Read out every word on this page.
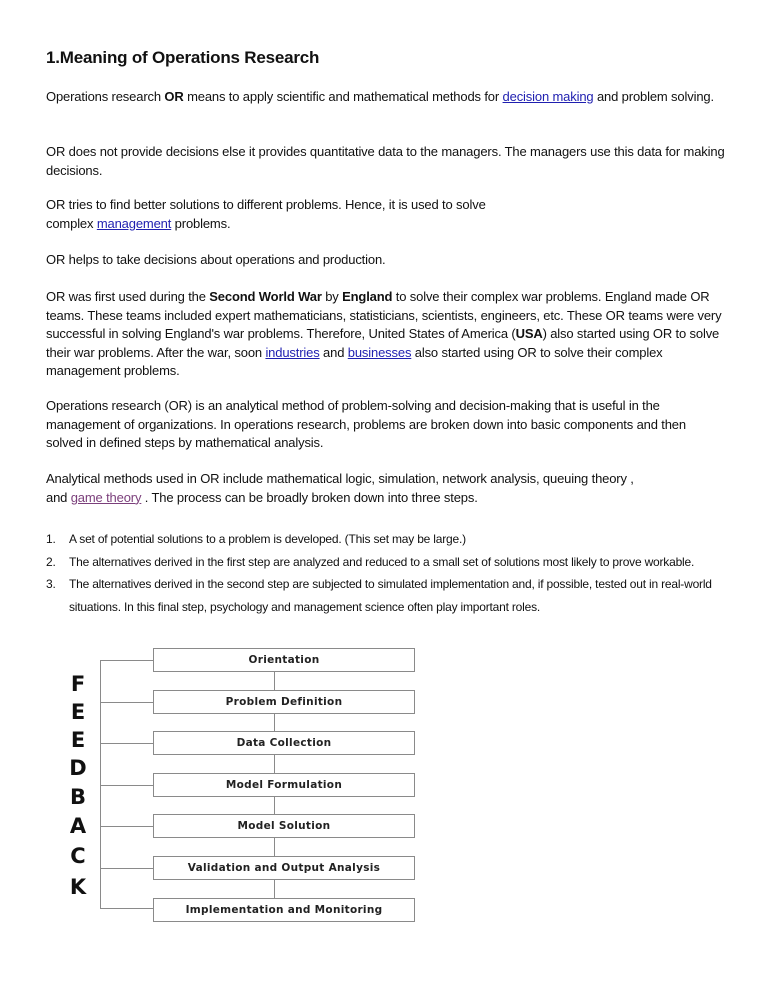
1.Meaning of Operations Research

Operations research OR means to apply scientific and mathematical methods for decision making and problem solving.

OR does not provide decisions else it provides quantitative data to the managers. The managers use this data for making decisions.

OR tries to find better solutions to different problems. Hence, it is used to solve
complex management problems.

OR helps to take decisions about operations and production.

OR was first used during the Second World War by England to solve their complex war problems. England made OR teams. These teams included expert mathematicians, statisticians, scientists, engineers, etc. These OR teams were very successful in solving England's war problems. Therefore, United States of America (USA) also started using OR to solve their war problems. After the war, soon industries and businesses also started using OR to solve their complex management problems.

Operations research (OR) is an analytical method of problem-solving and decision-making that is useful in the management of organizations. In operations research, problems are broken down into basic components and then solved in defined steps by mathematical analysis.

Analytical methods used in OR include mathematical logic, simulation, network analysis, queuing theory ,
and game theory . The process can be broadly broken down into three steps.

1. A set of potential solutions to a problem is developed. (This set may be large.)
2. The alternatives derived in the first step are analyzed and reduced to a small set of solutions most likely to prove workable.
3. The alternatives derived in the second step are subjected to simulated implementation and, if possible, tested out in real-world situations. In this final step, psychology and management science often play important roles.
F
E
E
D
B
A
C
K
Orientation
Problem Definition
Data Collection
Model Formulation
Model Solution
Validation and Output Analysis
Implementation and Monitoring
